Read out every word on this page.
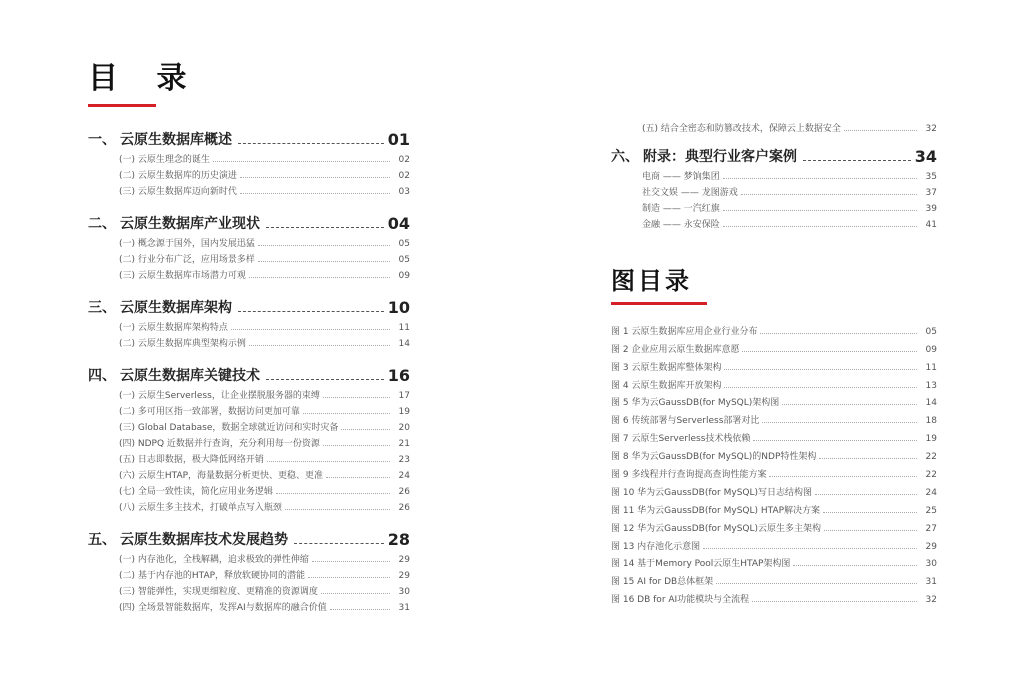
目 录
一、 云原生数据库概述	01
(一) 云原生理念的诞生	02
(二) 云原生数据库的历史演进	02
(三) 云原生数据库迈向新时代	03
二、 云原生数据库产业现状	04
(一) 概念源于国外，国内发展迅猛	05
(二) 行业分布广泛，应用场景多样	05
(三) 云原生数据库市场潜力可观	09
三、 云原生数据库架构	10
(一) 云原生数据库架构特点	11
(二) 云原生数据库典型架构示例	14
四、 云原生数据库关键技术	16
(一) 云原生Serverless，让企业摆脱服务器的束缚	17
(二) 多可用区指一致部署，数据访问更加可靠	19
(三) Global Database，数据全球就近访问和实时灾备	20
(四) NDPQ 近数据并行查询，充分利用每一份资源	21
(五) 日志即数据，极大降低网络开销	23
(六) 云原生HTAP，海量数据分析更快、更稳、更准	24
(七) 全局一致性读，简化应用业务逻辑	26
(八) 云原生多主技术，打破单点写入瓶颈	26
五、 云原生数据库技术发展趋势	28
(一) 内存池化，全栈解耦，追求极致的弹性伸缩	29
(二) 基于内存池的HTAP，释放软硬协同的潜能	29
(三) 智能弹性，实现更细粒度、更精准的资源调度	30
(四) 全场景智能数据库，发挥AI与数据库的融合价值	31
(五) 结合全密态和防篡改技术，保障云上数据安全	32
六、 附录：典型行业客户案例	34
电商 —— 梦饷集团	35
社交文娱 —— 龙图游戏	37
制造 —— 一汽红旗	39
金融 —— 永安保险	41
图目录
图 1 云原生数据库应用企业行业分布	05
图 2 企业应用云原生数据库意愿	09
图 3 云原生数据库整体架构	11
图 4 云原生数据库开放架构	13
图 5 华为云GaussDB(for MySQL)架构图	14
图 6 传统部署与Serverless部署对比	18
图 7 云原生Serverless技术栈依赖	19
图 8 华为云GaussDB(for MySQL)的NDP特性架构	22
图 9 多线程并行查询提高查询性能方案	22
图 10 华为云GaussDB(for MySQL)写日志结构图	24
图 11 华为云GaussDB(for MySQL) HTAP解决方案	25
图 12 华为云GaussDB(for MySQL)云原生多主架构	27
图 13 内存池化示意图	29
图 14 基于Memory Pool云原生HTAP架构图	30
图 15 AI for DB总体框架	31
图 16 DB for AI功能模块与全流程	32
